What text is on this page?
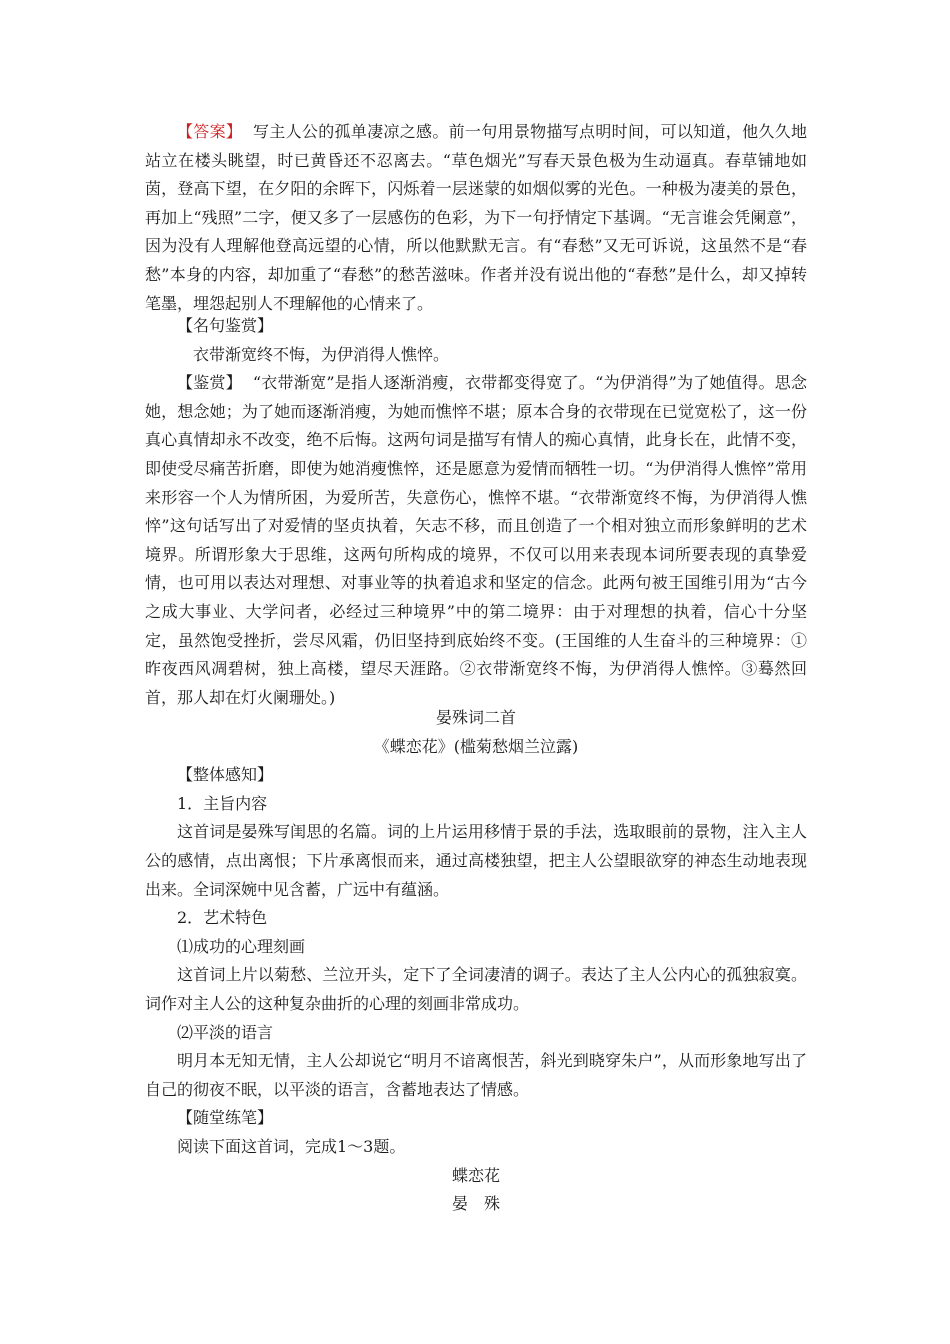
【答案】 写主人公的孤单凄凉之感。前一句用景物描写点明时间，可以知道，他久久地站立在楼头眺望，时已黄昏还不忍离去。“草色烟光”写春天景色极为生动逼真。春草铺地如茵，登高下望，在夕阳的余晖下，闪烁着一层迷蒙的如烟似雾的光色。一种极为凄美的景色，再加上“残照”二字，便又多了一层感伤的色彩，为下一句抒情定下基调。“无言谁会凭阑意”，因为没有人理解他登高远望的心情，所以他默默无言。有“春愁”又无可诉说，这虽然不是“春愁”本身的内容，却加重了“春愁”的愁苦滋味。作者并没有说出他的“春愁”是什么，却又掉转笔墨，埋怨起别人不理解他的心情来了。

【名句鉴赏】

衣带渐宽终不悔，为伊消得人憔悴。

【鉴赏】 “衣带渐宽”是指人逐渐消瘦，衣带都变得宽了。“为伊消得”为了她值得。思念她，想念她；为了她而逐渐消瘦，为她而憔悴不堪；原本合身的衣带现在已觉宽松了，这一份真心真情却永不改变，绝不后悔。这两句词是描写有情人的痴心真情，此身长在，此情不变，即使受尽痛苦折磨，即使为她消瘦憔悴，还是愿意为爱情而牺牲一切。“为伊消得人憔悴”常用来形容一个人为情所困，为爱所苦，失意伤心，憔悴不堪。“衣带渐宽终不悔，为伊消得人憔悴”这句话写出了对爱情的坚贞执着，矢志不移，而且创造了一个相对独立而形象鲜明的艺术境界。所谓形象大于思维，这两句所构成的境界，不仅可以用来表现本词所要表现的真挚爱情，也可用以表达对理想、对事业等的执着追求和坚定的信念。此两句被王国维引用为“古今之成大事业、大学问者，必经过三种境界”中的第二境界：由于对理想的执着，信心十分坚定，虽然饱受挫折，尝尽风霜，仍旧坚持到底始终不变。(王国维的人生奋斗的三种境界：①昨夜西风凋碧树，独上高楼，望尽天涯路。②衣带渐宽终不悔，为伊消得人憔悴。③蓦然回首，那人却在灯火阑珊处。)

晏殊词二首

《蝶恋花》(槛菊愁烟兰泣露)

【整体感知】

1．主旨内容

这首词是晏殊写闺思的名篇。词的上片运用移情于景的手法，选取眼前的景物，注入主人公的感情，点出离恨；下片承离恨而来，通过高楼独望，把主人公望眼欲穿的神态生动地表现出来。全词深婉中见含蓄，广远中有蕴涵。

2．艺术特色

⑴成功的心理刻画

这首词上片以菊愁、兰泣开头，定下了全词凄清的调子。表达了主人公内心的孤独寂寞。词作对主人公的这种复杂曲折的心理的刻画非常成功。

⑵平淡的语言

明月本无知无情，主人公却说它“明月不谙离恨苦，斜光到晓穿朱户”，从而形象地写出了自己的彻夜不眠，以平淡的语言，含蓄地表达了情感。

【随堂练笔】

阅读下面这首词，完成1～3题。

蝶恋花

晏　殊
